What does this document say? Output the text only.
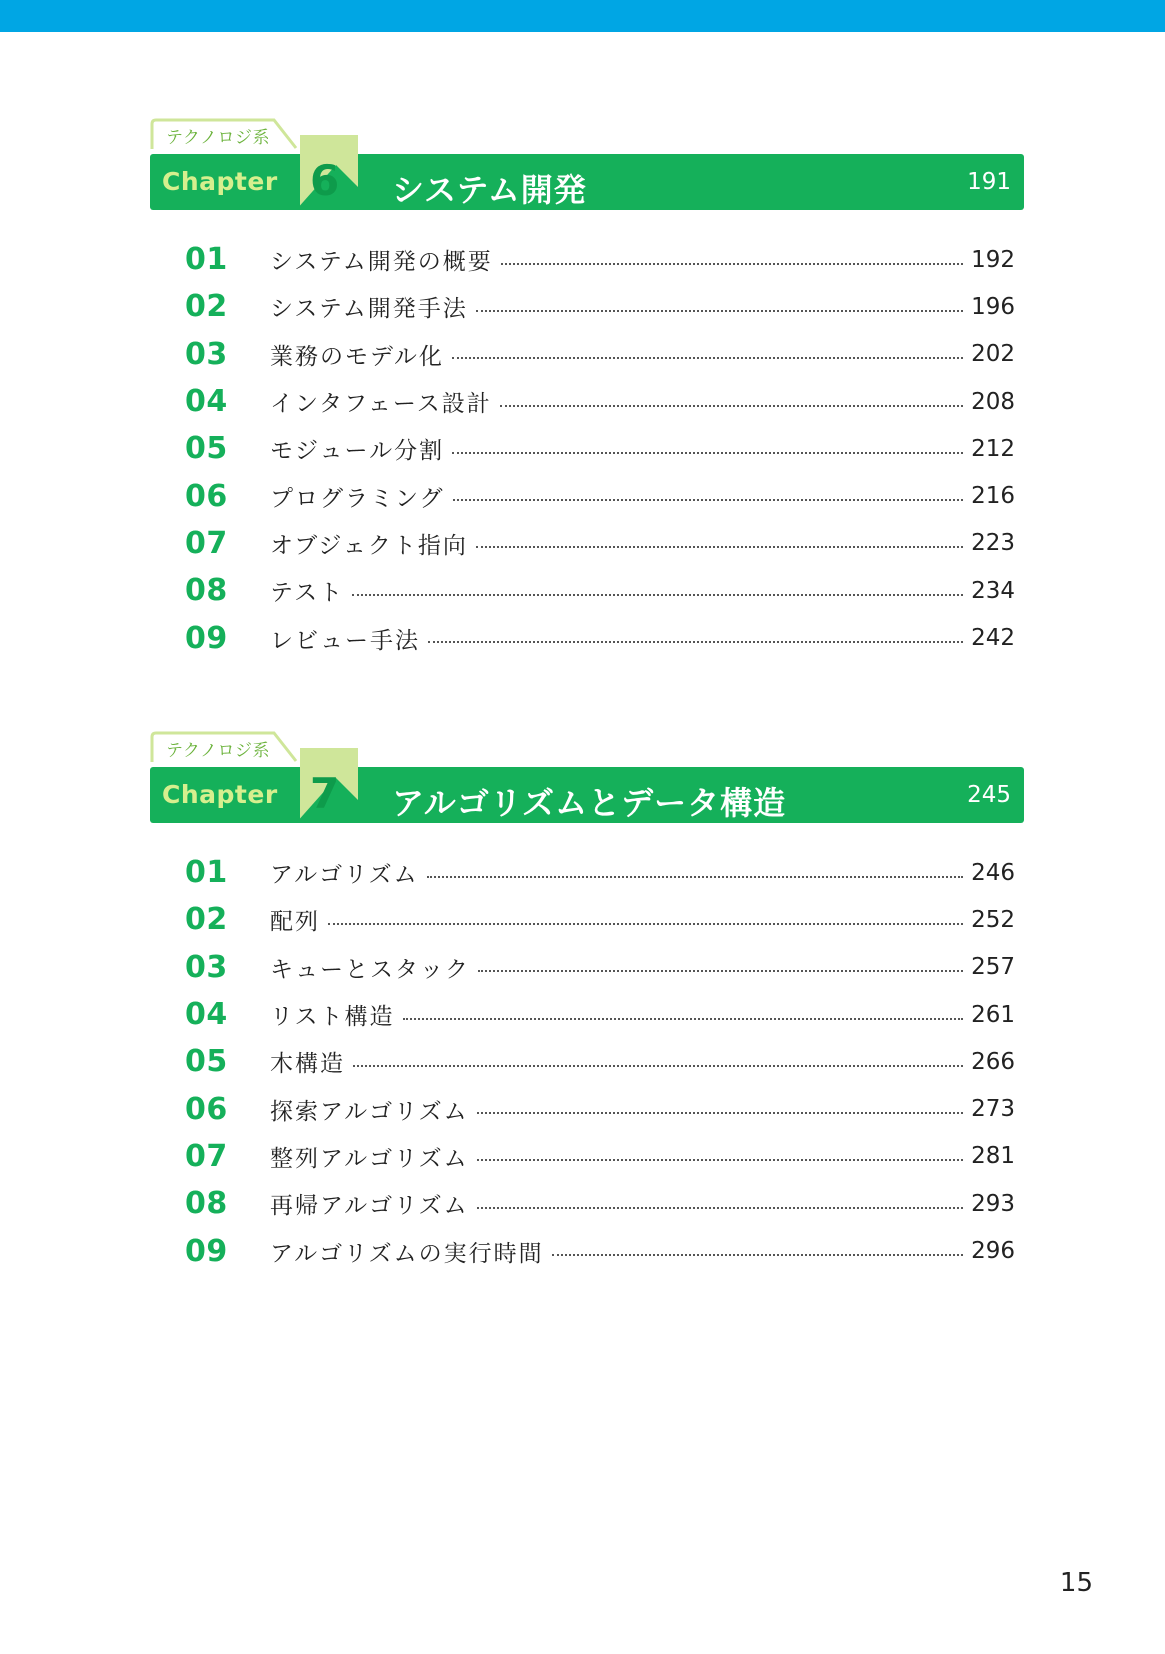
テクノロジ系
Chapter 6 システム開発	191
01	システム開発の概要	192
02	システム開発手法	196
03	業務のモデル化	202
04	インタフェース設計	208
05	モジュール分割	212
06	プログラミング	216
07	オブジェクト指向	223
08	テスト	234
09	レビュー手法	242
テクノロジ系
Chapter 7 アルゴリズムとデータ構造	245
01	アルゴリズム	246
02	配列	252
03	キューとスタック	257
04	リスト構造	261
05	木構造	266
06	探索アルゴリズム	273
07	整列アルゴリズム	281
08	再帰アルゴリズム	293
09	アルゴリズムの実行時間	296
15
